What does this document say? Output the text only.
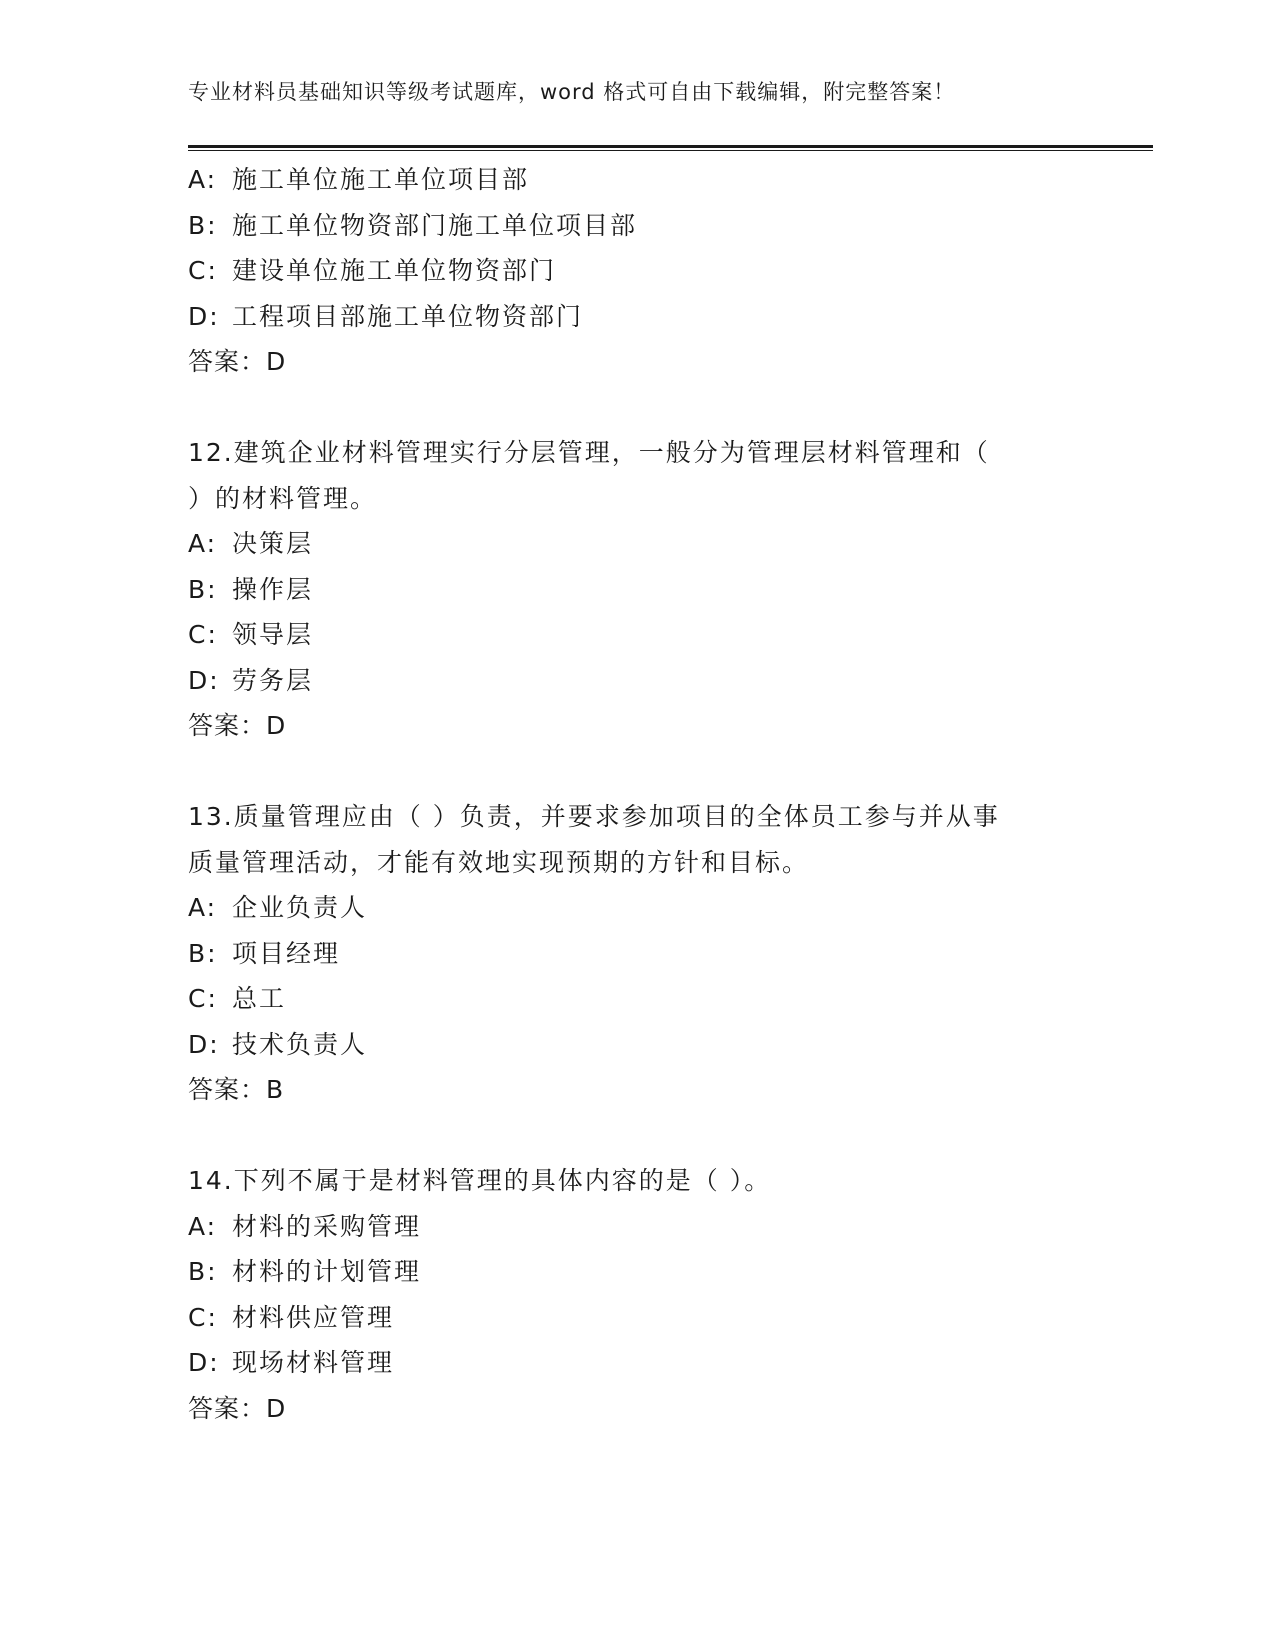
专业材料员基础知识等级考试题库，word 格式可自由下载编辑，附完整答案！
A: 施工单位施工单位项目部
B: 施工单位物资部门施工单位项目部
C: 建设单位施工单位物资部门
D: 工程项目部施工单位物资部门
答案：D
12.建筑企业材料管理实行分层管理，一般分为管理层材料管理和（
）的材料管理。
A: 决策层
B: 操作层
C: 领导层
D: 劳务层
答案：D
13.质量管理应由（ ）负责，并要求参加项目的全体员工参与并从事
质量管理活动，才能有效地实现预期的方针和目标。
A: 企业负责人
B: 项目经理
C: 总工
D: 技术负责人
答案：B
14.下列不属于是材料管理的具体内容的是（ ）。
A: 材料的采购管理
B: 材料的计划管理
C: 材料供应管理
D: 现场材料管理
答案：D
